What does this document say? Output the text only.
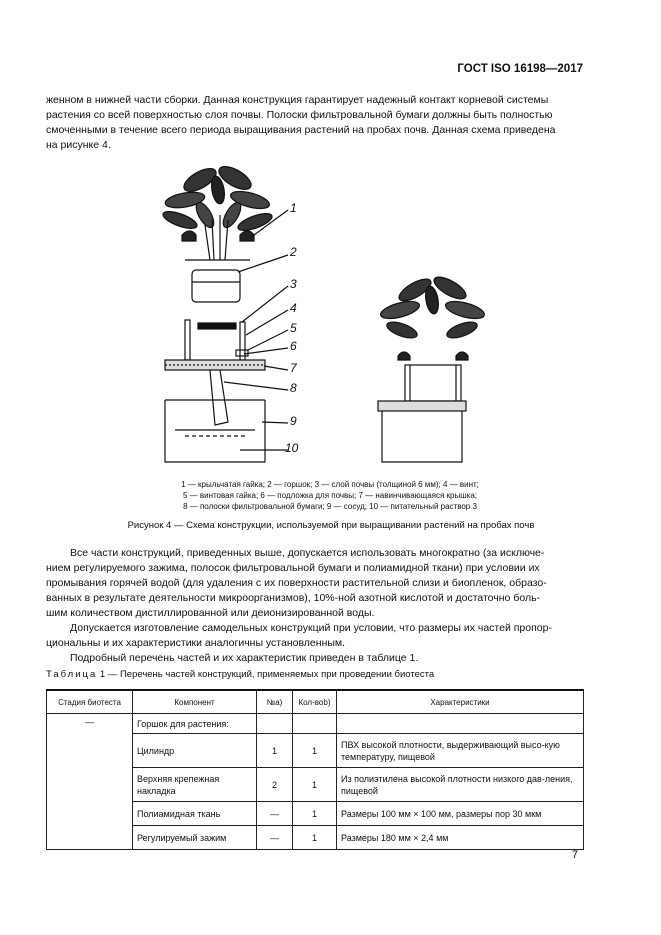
ГОСТ ISO 16198—2017

женном в нижней части сборки. Данная конструкция гарантирует надежный контакт корневой системы
растения со всей поверхностью слоя почвы. Полоски фильтровальной бумаги должны быть полностью
смоченными в течение всего периода выращивания растений на пробах почв. Данная схема приведена
на рисунке 4.

1
2
3
4
5
6
7
8
9
10

1 — крыльчатая гайка; 2 — горшок; 3 — слой почвы (толщиной 6 мм); 4 — винт;
5 — винтовая гайка; 6 — подложка для почвы; 7 — навинчивающаяся крышка;
8 — полоски фильтровальной бумаги; 9 — сосуд; 10 — питательный раствор 3

Рисунок 4 — Схема конструкции, используемой при выращивании растений на пробах почв

Все части конструкций, приведенных выше, допускается использовать многократно (за исключе-
нием регулируемого зажима, полосок фильтровальной бумаги и полиамидной ткани) при условии их
промывания горячей водой (для удаления с их поверхности растительной слизи и биопленок, образо-
ванных в результате деятельности микроорганизмов), 10%-ной азотной кислотой и достаточно боль-
шим количеством дистиллированной или деионизированной воды.

Допускается изготовление самодельных конструкций при условии, что размеры их частей пропор-
циональны и их характеристики аналогичны установленным.

Подробный перечень частей и их характеристик приведен в таблице 1.

Таблица 1 — Перечень частей конструкций, применяемых при проведении биотеста

Стадия биотеста	Компонент	№a)	Кол-воb)	Характеристики
—	Горшок для растения:			
	Цилиндр	1	1	ПВХ высокой плотности, выдерживающий высо-кую температуру, пищевой
	Верхняя крепежная накладка	2	1	Из полиэтилена высокой плотности низкого дав-ления, пищевой
	Полиамидная ткань	—	1	Размеры 100 мм × 100 мм, размеры пор 30 мкм
	Регулируемый зажим	—	1	Размеры 180 мм × 2,4 мм
7
